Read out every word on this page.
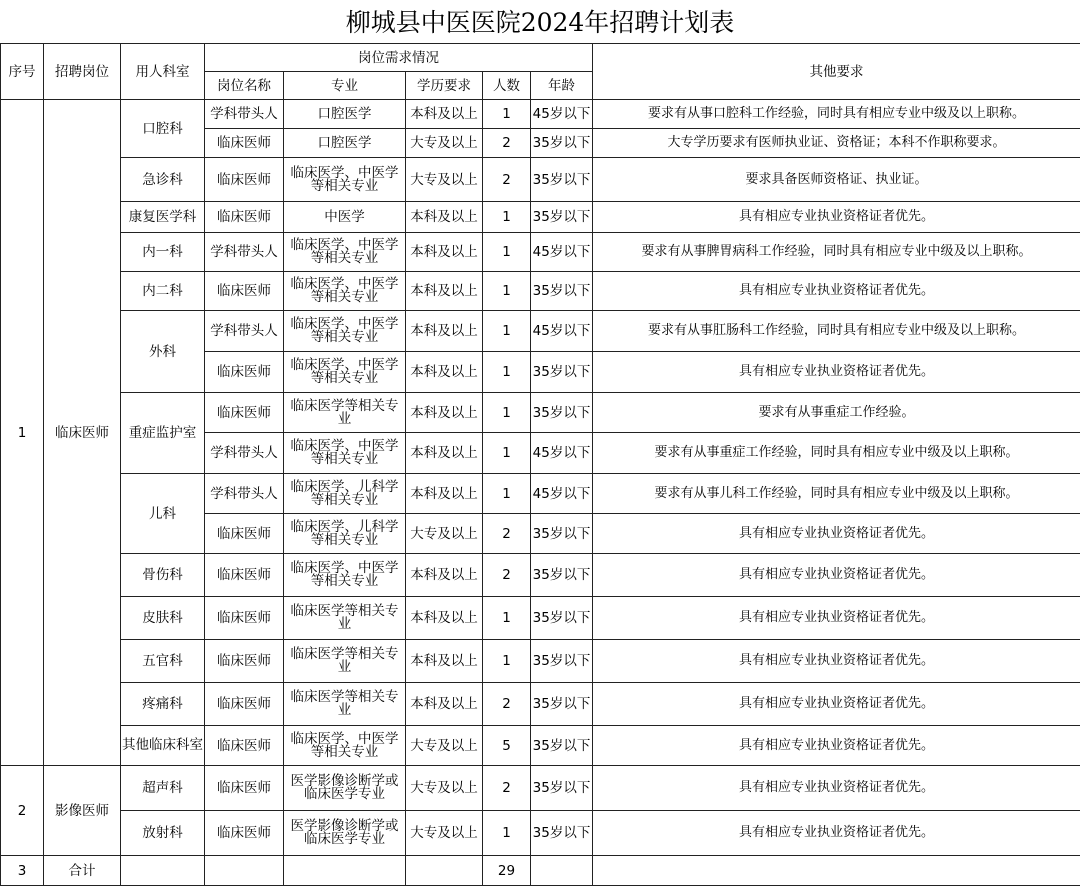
柳城县中医医院2024年招聘计划表
序号	招聘岗位	用人科室	岗位需求情况					其他要求
			岗位名称	专业	学历要求	人数	年龄	
1	临床医师	口腔科	学科带头人	口腔医学	本科及以上	1	45岁以下	要求有从事口腔科工作经验，同时具有相应专业中级及以上职称。
			临床医师	口腔医学	大专及以上	2	35岁以下	大专学历要求有医师执业证、资格证；本科不作职称要求。
		急诊科	临床医师	临床医学、中医学等相关专业	大专及以上	2	35岁以下	要求具备医师资格证、执业证。
		康复医学科	临床医师	中医学	本科及以上	1	35岁以下	具有相应专业执业资格证者优先。
		内一科	学科带头人	临床医学、中医学等相关专业	本科及以上	1	45岁以下	要求有从事脾胃病科工作经验，同时具有相应专业中级及以上职称。
		内二科	临床医师	临床医学、中医学等相关专业	本科及以上	1	35岁以下	具有相应专业执业资格证者优先。
		外科	学科带头人	临床医学、中医学等相关专业	本科及以上	1	45岁以下	要求有从事肛肠科工作经验，同时具有相应专业中级及以上职称。
			临床医师	临床医学、中医学等相关专业	本科及以上	1	35岁以下	具有相应专业执业资格证者优先。
		重症监护室	临床医师	临床医学等相关专业	本科及以上	1	35岁以下	要求有从事重症工作经验。
			学科带头人	临床医学、中医学等相关专业	本科及以上	1	45岁以下	要求有从事重症工作经验，同时具有相应专业中级及以上职称。
		儿科	学科带头人	临床医学、儿科学等相关专业	本科及以上	1	45岁以下	要求有从事儿科工作经验，同时具有相应专业中级及以上职称。
			临床医师	临床医学、儿科学等相关专业	大专及以上	2	35岁以下	具有相应专业执业资格证者优先。
		骨伤科	临床医师	临床医学、中医学等相关专业	本科及以上	2	35岁以下	具有相应专业执业资格证者优先。
		皮肤科	临床医师	临床医学等相关专业	本科及以上	1	35岁以下	具有相应专业执业资格证者优先。
		五官科	临床医师	临床医学等相关专业	本科及以上	1	35岁以下	具有相应专业执业资格证者优先。
		疼痛科	临床医师	临床医学等相关专业	本科及以上	2	35岁以下	具有相应专业执业资格证者优先。
		其他临床科室	临床医师	临床医学、中医学等相关专业	大专及以上	5	35岁以下	具有相应专业执业资格证者优先。
2	影像医师	超声科	临床医师	医学影像诊断学或临床医学专业	大专及以上	2	35岁以下	具有相应专业执业资格证者优先。
		放射科	临床医师	医学影像诊断学或临床医学专业	大专及以上	1	35岁以下	具有相应专业执业资格证者优先。
3	合计					29		
